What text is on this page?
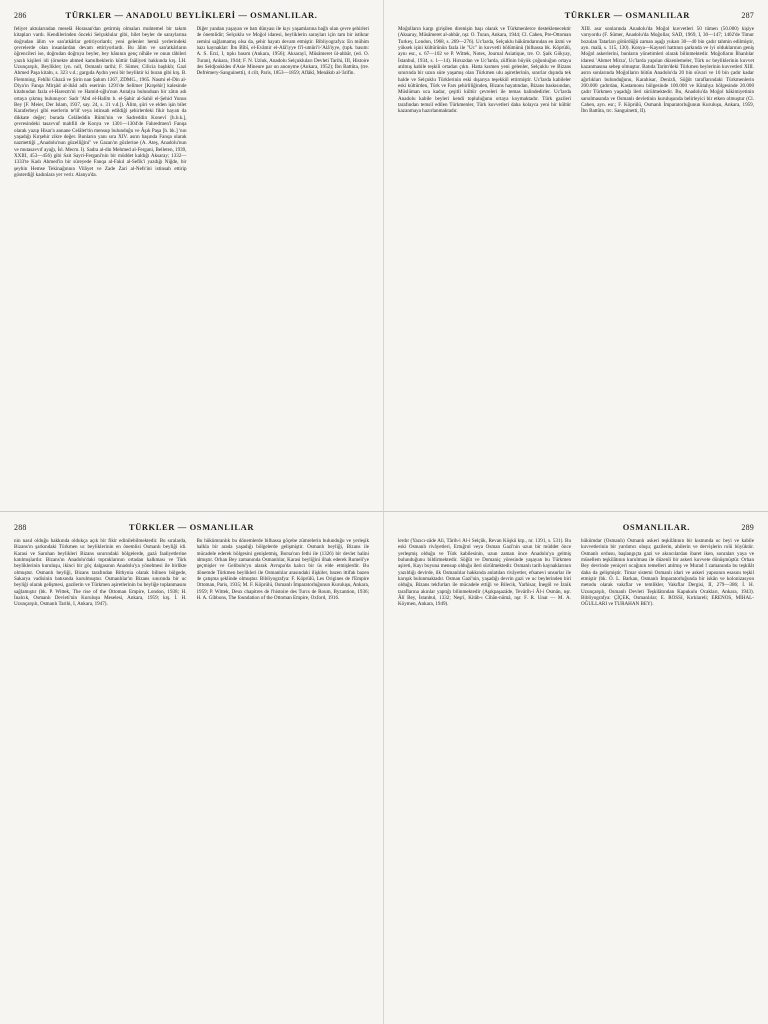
286	TÜRKLER — ANADOLU BEYLİKLERİ — OSMANLILAR.

feliyet aktularından meselâ Horasan'dan getirmiş olmaları muhtemel bir takım kitapları vardı. Kendilerinden önceki Selçuklular gibi, bilet beyler de saraylarına doğrudan âlim ve san'atkârlar getiriyorlardı; yeni gelenler hemâ yerlerindeki çevrelerde olan insanlardan devam ettiriyorlardı. Bu âlim ve san'atkârların öğrencileri ise, doğrudan doğruya beyler, bey hânının genç nîhâle ve onun tâbileri yazılı kişileri idi (örnekte ahmed kamılbeklerin küttür faâliyeti hakkında krş. İ.H. Uzunçarşılı, Beylikler; iyn. nıll, Osmanlı tarihi; F. Sümer, Cilicia başlıklı; Gazi Ahmed Paşa kitabı, s. 323 v.d.; gargıda Aydın yeni bir beyliktir ki buran gibi krş. B. Flemming, Fehîhi Ghazâ ve Şirin nan Şahım 1367, ZDMG., 1965. Nasmi el-Din al-Diya'ın Fanqa Mirşâd al-ibâd adlı eserinin 1291'de Selîmer [Kırşehir] kalesinde kitabından fazla el-Harezm'ni ve Hamid-oğlu'nun Antalya bulunduan bir zâtın adı ortaya çıkmış bulunuyor: Sadr 'Abd el-Halîm b. el-Şahir al-Sahil el-Şehid Yunus Bey [F. Meier, Der Islam, 1937, say. 24, s. 31 v.d.]). Âlim, şiiri ve elden işin bilet Karaferbeyi gibi eserlerin te'lif veya istinsah edildiği şehirlerdeki fikir hayatı da dikkate değer; burada Celâleddin Rûmi'nin ve Sadreddin Konevî [h.b.k.], çevresindeki tasavvuf mahfili de Konya ve 1301—1304'de Fahredmen'i Fanqa olarak yazıp Hisar'a annane Celâlet'tin mensup bulunduğu ve Âşık Paşa [h. bk.] 'nın yaşadığı Kırşehir zikre değer. Bunların yanı sıra XIV. asrın başında Fanqa olarak nazmettiği „Anadolu'nun güzelliğini" ve Gazan'ın gözlerine (A. Ateş, Anadolu'nun ve mutasavvıf ayağı, İsl. Mecm. I). Sadra al-din Mehmed al-Fergani, Belleten, 1939, XXIII, 453—456) gibi Sait Sayri-Fergani'nin bir müddet kaldığı Aksaray; 1332—1333'te Kadı Ahmed'in bir süreyede Fanqa al-Fakıl al-Sefik'i yazdığı Niğde, bir şeyhin Hemse Tekinağınnın Vilâyet ve Zade Zari al-Nefs'ini istinsah ettirip gösterdiği kadınlara yer verir. Alanya'da.

Diğer yandan yaşayan ve batı dünyası ile kıyı yaşamlarına bağlı olan çevre şehirleri de önemlidir; Selçuklu ve Moğol idaresi, beyliklerin sarayları için tam bir istikrar zemini sağlamamış olsa da, şehir hayatı devam etmiştir. Bibliyografya: En mühim bazı kaynaklar: İbn Bîbî, el-Evâmir el-Alâ'iyye fi'l-umûri'l-'Alâ'iyye, (tıpk. basım: A. S. Erzi, I, tıpkı basım (Ankara, 1956); Aksarayî, Müsâmeret ül-ahbâr, (ed. O. Turan), Ankara, 1944; F. N. Uzluk, Anadolu Selçukluları Devleti Tarihi, III, Histoire des Seldjoukides d'Asie Mineure par un anonyme (Ankara, 1952); İbn Battûta, (tre. Defrémery-Sanguinetti), 4 cilt, Paris, 1853—1859; Aflâkî, Menâkıb al-'ârifîn.

TÜRKLER — OSMANLILAR	287

Moğolların kargı girişilen direnişin başı olarak ve Türkmenlerce desteklenecektir (Aksaray, Müsâmeret al-ahbâr, nşr. O. Turan, Ankara, 1944; Cl. Cahen, Pre-Ottoman Turkey, London, 1968, s. 269—276). Uc'larda, Selçuklu hükümdarından en âzmi ve yüksek işini kültürünün fazla ile "Uc" in kuvvetli bölümünü (bilhassa bk. Köprülü, aynı esr., s. 67—102 ve P. Wittek, Notes, Journal Asiatique, tre. O. Şaik Gökyay, İstanbul, 1934, s. 1—14). Hırsızdan ve Uc'larda, zülfinin büyük çoğunluğun ortaya atılmış kabile teşkili ortadan çıktı. Hatta kısmen yeni gelenler, Selçuklu ve Bizans sınırında bir uzun süre yaşamış olan Türkmen ulu aşiretlerinin, sınırlar dışında tek halde ve Selçuklu Türklerinin eski dışarıya teşekkül ettirmiştir. Uc'larda kabileler eski kültürden, Türk ve Fars şehirliliğinden, Bizans hayatından, Bizans baskısından, Müslüman uca kadar, çeşitli kültür çevreleri ile temas halindedirler. Uc'larda Anadolu kabile beyleri kendi topluluğunu ortaya koymaktadır. Türk gazileri tarafından temsil edilen Türkmenler, Türk kuvvetleri daha kolayca yeni bir kültür kazanmaya hazırlanmaktadır.

XIII. asır sonlarında Anadolu'da Moğol kuvvetleri 50 tümen (50.000) kişiye varıyordu (F. Sümer, Anadolu'da Moğollar, SAD, 1969, I, 30—147; 1402'de Timur bozulan Tatarları götürdüğü zaman aşağı yukarı 30—40 bin çadır tahmin edilmiştir, ayn. malâ, s. 115, 130). Konya—Kayseri hattının şarkında ve iyi olduklarının geniş Moğol askerlerini, bunların yönetimleri olarak bilinmektedir. Moğolların İlhanlılar idaresi 'Ahmet Mirza', Uc'larda yapılan düzenlemeler, Türk uc beyliklerinin kuvvet kazanmasına sebep olmuştur. Batıda Tarim'deki Türkmen beylerinin kuvvetleri XIII. asrın sonlarında Moğolların bütün Anadolu'da 20 bin süvari ve 10 bin çadır kadar ağırlıkları bulunduğunu, Karahisar, Denizli, Söğüt taraflarındaki Türkmenlerin 200.000 çadırdan, Kastamonu bölgesinde 100.000 ve Kütahya bölgesinde 20.000 çadır Türkmen yaşadığı ileri sürülmektedir. Bu, Anadolu'da Moğol hâkimiyetinin sarsılmasında ve Osmanlı devletinin kuruluşunda belirleyici bir etken olmuştur (Cl. Cahen, ayn. esr.; F. Köprülü, Osmanlı İmparatorluğunun Kuruluşu, Ankara, 1959, İbn Battûta, trc. Sanguinetti, II).

288	TÜRKLER — OSMANLILAR

nin nasıl olduğu hakkında oldukça açık bir fikir edinilebilmektedir. Bu sıralarda, Bizans'ın şarkındaki Türkmen uc beyliklerinin en önemlisi Osmanlı beyliği idi. Karasi ve Saruhan beylikleri Bizans sınırındaki bölgelerde, gazâ faaliyetlerine katılmışlardır. Bizans'ın Anadolu'daki topraklarının ortadan kalkması ve Türk beyliklerinin kuruluşu, ikinci bir göç dalgasının Anadolu'ya yönelmesi ile birlikte olmuştur. Osmanlı beyliği, Bizans tarafından Bithynia olarak bilinen bölgede, Sakarya vadisinin batısında kurulmuştur. Osmanlılar'ın Bizans sınırında bir uc beyliği olarak gelişmesi, gazilerin ve Türkmen aşiretlerinin bu beyliğe toplanmasını sağlamıştır (bk. P. Wittek, The rise of the Ottoman Empire, London, 1938; H. İnalcık, Osmanlı Devleti'nin Kuruluşu Meselesi, Ankara, 1959; krş. İ. H. Uzunçarşılı, Osmanlı Tarihi, I, Ankara, 1947).

Bu hükümranlık bu dönemlerde bilhassa göçebe zümrelerin bulunduğu ve yerleşik halkla bir arada yaşadığı bölgelerde gelişmiştir. Osmanlı beyliği, Bizans ile mücadele ederek bölgesini genişletmiş, Bursa'nın fethi ile (1326) bir devlet halini almıştır. Orhan Bey zamanında Osmanlılar, Karasi beyliğini ilhak ederek Rumeli'ye geçmişler ve Gelibolu'yu alarak Avrupa'da kalıcı bir üs elde etmişlerdir. Bu dönemde Türkmen beylikleri ile Osmanlılar arasındaki ilişkiler, bazen ittifak bazen de çatışma şeklinde olmuştur. Bibliyografya: F. Köprülü, Les Origines de l'Empire Ottoman, Paris, 1935; M. F. Köprülü, Osmanlı İmparatorluğunun Kuruluşu, Ankara, 1959; P. Wittek, Deux chapitres de l'histoire des Turcs de Roum, Byzantion, 1936; H. A. Gibbons, The foundation of the Ottoman Empire, Oxford, 1916.

OSMANLILAR.	289

lerdır (Yazıcı-zâde Ali, Târih-i Âl-i Selçûk, Revan Köşkü ktp., nr. 1391, s. 531). Bu eski Osmanlı rivâyetleri, Ertuğrul veya Osman Gazi'nin uzun bir müddet önce yerleşmiş olduğu ve Türk kabilesinin, uzun zaman önce Anadolu'ya gelmiş bulunduğunu bildirmektedir. Söğüt ve Domaniç yöresinde yaşayan bu Türkmen aşireti, Kayı boyuna mensup olduğu ileri sürülmektedir. Osmanlı tarih kaynaklarının yazıldığı devirde, ilk Osmanlılar hakkında anlatılan rivâyetler, efsanevi unsurlar ile karışık bulunmaktadır. Osman Gazi'nin, yaşadığı devrin gazi ve uc beylerinden biri olduğu, Bizans tekfurları ile mücadele ettiği ve Bilecik, Yarhisar, İnegöl ve İznik taraflarına akınlar yaptığı bilinmektedir (Aşıkpaşazâde, Tevârîh-i Âl-i Osmân, nşr. Âlî Bey, İstanbul, 1332; Neşrî, Kitâb-ı Cihân-nümâ, nşr. F. R. Unat — M. A. Köymen, Ankara, 1949).

hükümdar (Osmanlı) Osmanlı askeri teşkilâtının bir kısmında uc beyi ve kabile kuvvetlerinin bir yardımcı oluşu; gazilerin, ahilerin ve dervişlerin rolü büyüktür. Osmanlı ordusu, başlangıçta gazi ve akıncılardan ibaret iken, sonraları yaya ve müsellem teşkilâtının kurulması ile düzenli bir askeri kuvvete dönüşmüştür. Orhan Bey devrinde yeniçeri ocağının temelleri atılmış ve Murad I zamanında bu teşkilât daha da gelişmiştir. Timar sistemi Osmanlı idari ve askeri yapısının esasını teşkil etmiştir (bk. Ö. L. Barkan, Osmanlı İmparatorluğunda bir iskân ve kolonizasyon metodu olarak vakıflar ve temlikler, Vakıflar Dergisi, II, 279—386; İ. H. Uzunçarşılı, Osmanlı Devleti Teşkilâtından Kapukulu Ocakları, Ankara, 1943). Bibliyografya: ÇİÇEK, Osmanlılar; E. ROSSI, Kırklareli; ERENOS, MİHAL-OĞULLARI ve TURAHAN BEY).
